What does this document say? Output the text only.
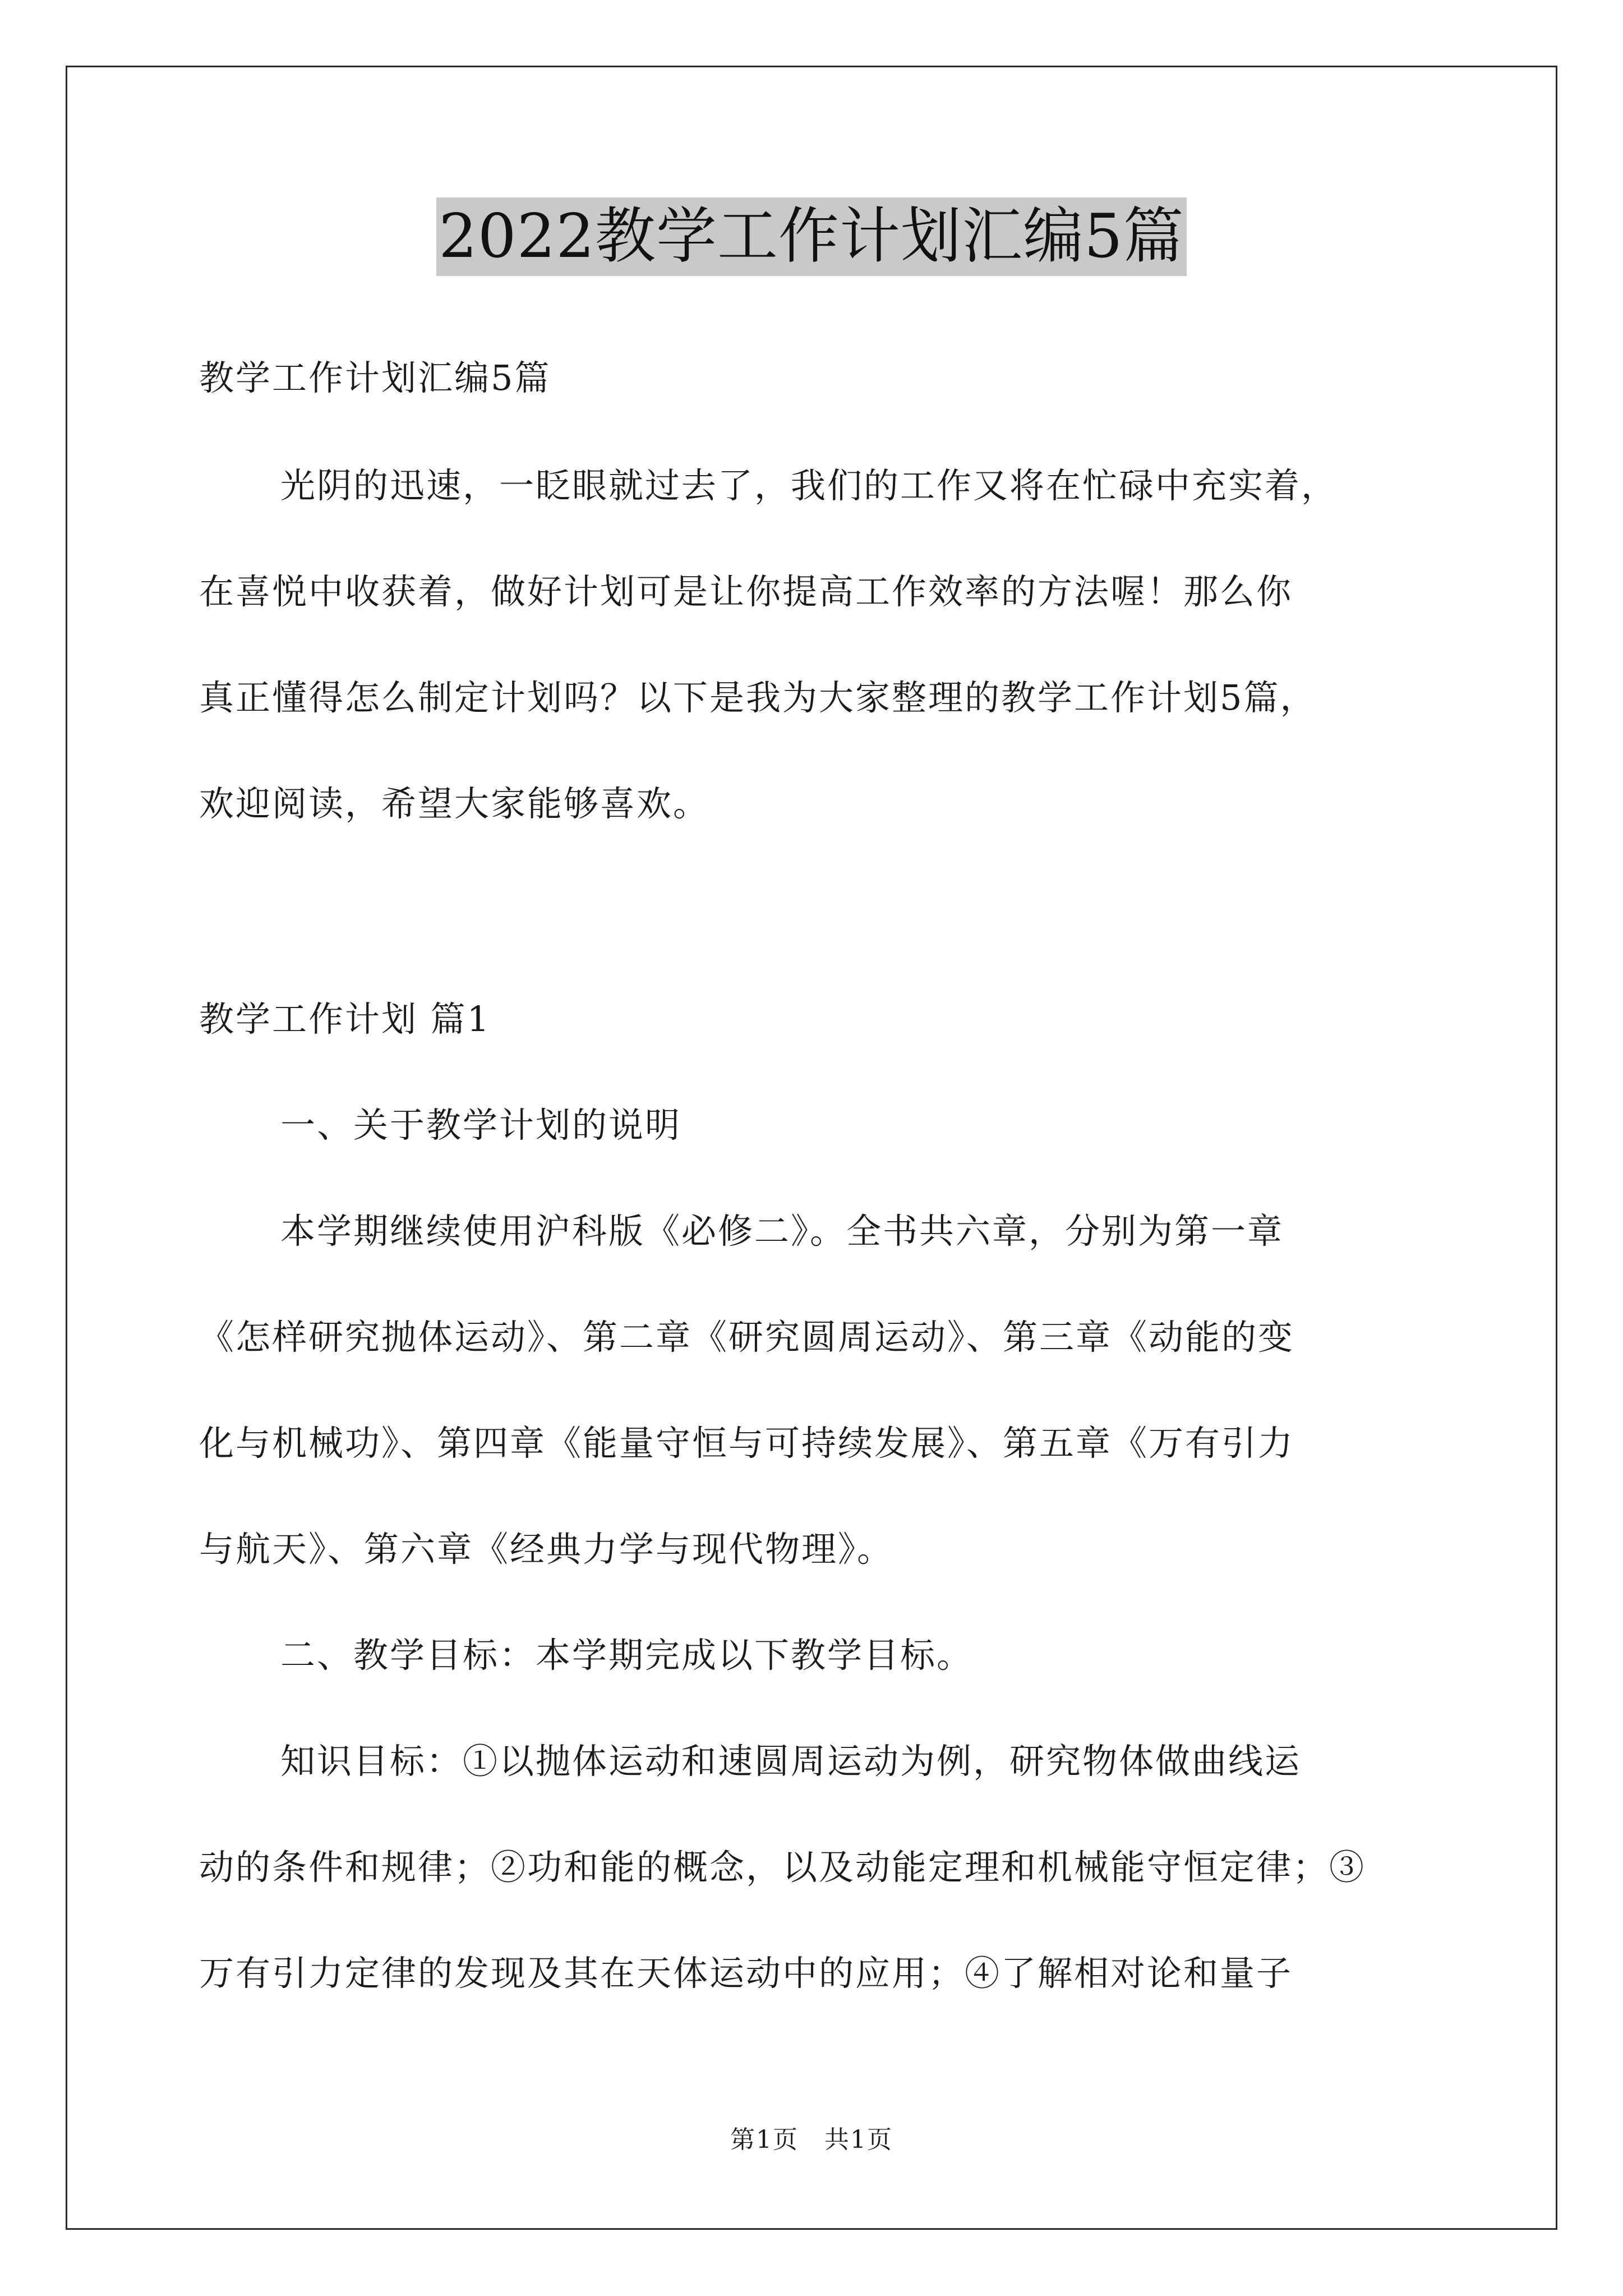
2022教学工作计划汇编5篇
教学工作计划汇编5篇
光阴的迅速，一眨眼就过去了，我们的工作又将在忙碌中充实着，
在喜悦中收获着，做好计划可是让你提高工作效率的方法喔！那么你
真正懂得怎么制定计划吗？以下是我为大家整理的教学工作计划5篇，
欢迎阅读，希望大家能够喜欢。
教学工作计划 篇1
一、关于教学计划的说明
本学期继续使用沪科版《必修二》。全书共六章，分别为第一章
《怎样研究抛体运动》、第二章《研究圆周运动》、第三章《动能的变
化与机械功》、第四章《能量守恒与可持续发展》、第五章《万有引力
与航天》、第六章《经典力学与现代物理》。
二、教学目标：本学期完成以下教学目标。
知识目标：①以抛体运动和速圆周运动为例，研究物体做曲线运
动的条件和规律；②功和能的概念，以及动能定理和机械能守恒定律；③
万有引力定律的发现及其在天体运动中的应用；④了解相对论和量子
第1页　共1页
